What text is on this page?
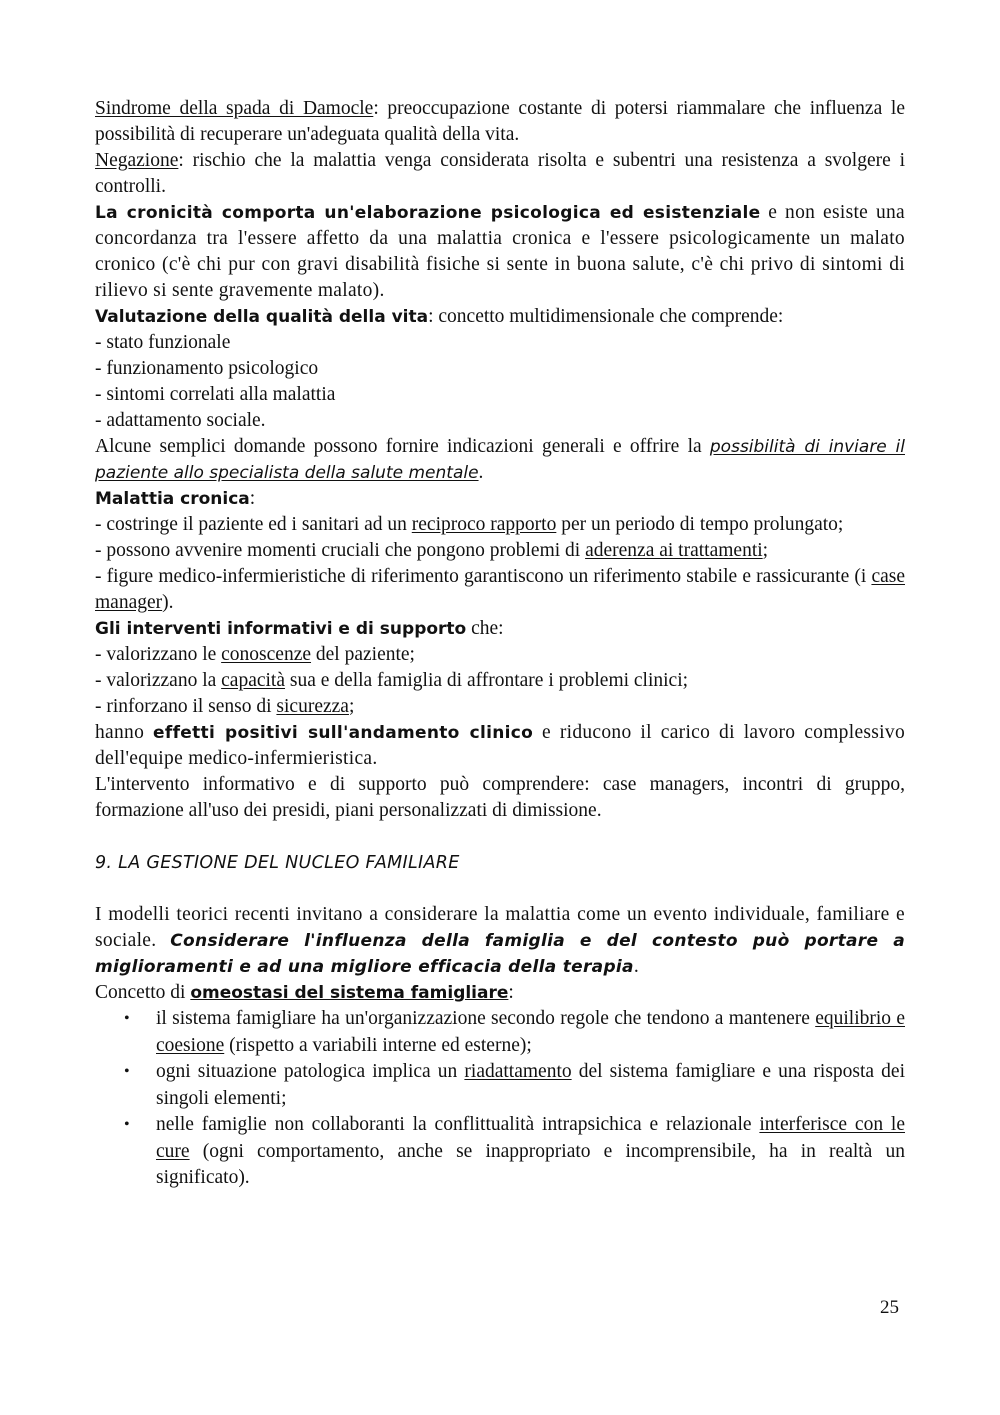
Sindrome della spada di Damocle: preoccupazione costante di potersi riammalare che influenza le possibilità di recuperare un'adeguata qualità della vita.

Negazione: rischio che la malattia venga considerata risolta e subentri una resistenza a svolgere i controlli.

La cronicità comporta un'elaborazione psicologica ed esistenziale e non esiste una concordanza tra l'essere affetto da una malattia cronica e l'essere psicologicamente un malato cronico (c'è chi pur con gravi disabilità fisiche si sente in buona salute, c'è chi privo di sintomi di rilievo si sente gravemente malato).

Valutazione della qualità della vita: concetto multidimensionale che comprende:

- stato funzionale

- funzionamento psicologico

- sintomi correlati alla malattia

- adattamento sociale.

Alcune semplici domande possono fornire indicazioni generali e offrire la possibilità di inviare il paziente allo specialista della salute mentale.

Malattia cronica:

- costringe il paziente ed i sanitari ad un reciproco rapporto per un periodo di tempo prolungato;

- possono avvenire momenti cruciali che pongono problemi di aderenza ai trattamenti;

- figure medico-infermieristiche di riferimento garantiscono un riferimento stabile e rassicurante (i case manager).

Gli interventi informativi e di supporto che:

- valorizzano le conoscenze del paziente;

- valorizzano la capacità sua e della famiglia di affrontare i problemi clinici;

- rinforzano il senso di sicurezza;

hanno effetti positivi sull'andamento clinico e riducono il carico di lavoro complessivo dell'equipe medico-infermieristica.

L'intervento informativo e di supporto può comprendere: case managers, incontri di gruppo, formazione all'uso dei presidi, piani personalizzati di dimissione.

9. LA GESTIONE DEL NUCLEO FAMILIARE

I modelli teorici recenti invitano a considerare la malattia come un evento individuale, familiare e sociale. Considerare l'influenza della famiglia e del contesto può portare a miglioramenti e ad una migliore efficacia della terapia.

Concetto di omeostasi del sistema famigliare:

• il sistema famigliare ha un'organizzazione secondo regole che tendono a mantenere equilibrio e coesione (rispetto a variabili interne ed esterne);
• ogni situazione patologica implica un riadattamento del sistema famigliare e una risposta dei singoli elementi;
• nelle famiglie non collaboranti la conflittualità intrapsichica e relazionale interferisce con le cure (ogni comportamento, anche se inappropriato e incomprensibile, ha in realtà un significato).
25
